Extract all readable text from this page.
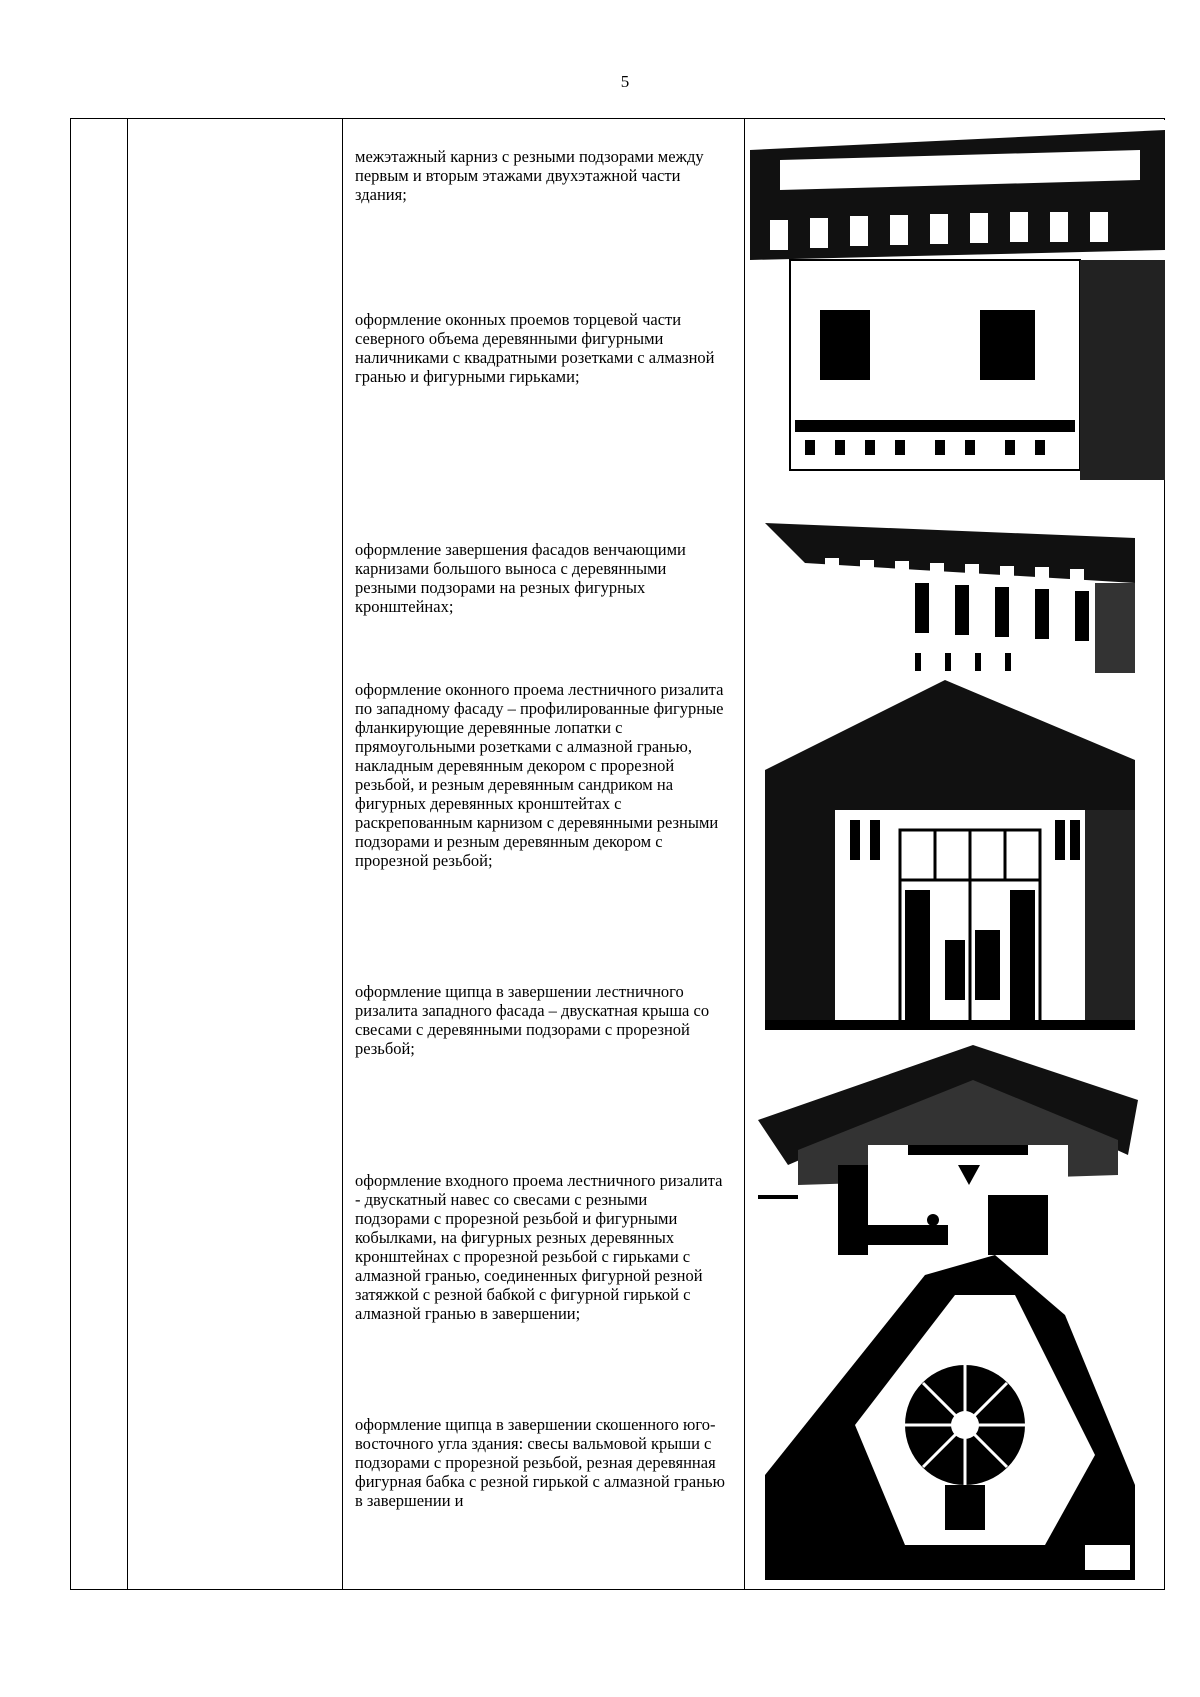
5

межэтажный карниз с резными подзорами между первым и вторым этажами двухэтажной части здания;

оформление оконных проемов торцевой части северного объема деревянными фигурными наличниками с квадратными розетками с алмазной гранью и фигурными гирьками;

оформление завершения фасадов венчающими карнизами большого выноса с деревянными резными подзорами на резных фигурных кронштейнах;

оформление оконного проема лестничного ризалита по западному фасаду – профилированные фигурные фланкирующие деревянные лопатки с прямоугольными розетками с алмазной гранью, накладным деревянным декором с прорезной резьбой, и резным деревянным сандриком на фигурных деревянных кронштейтах с раскрепованным карнизом с деревянными резными подзорами и резным деревянным декором с прорезной резьбой;

оформление щипца в завершении лестничного ризалита западного фасада – двускатная крыша со свесами с деревянными подзорами с прорезной резьбой;

оформление входного проема лестничного ризалита - двускатный навес со свесами с резными подзорами с прорезной резьбой и фигурными кобылками, на фигурных резных деревянных кронштейнах с прорезной резьбой с гирьками с алмазной гранью, соединенных фигурной резной затяжкой с резной бабкой с фигурной гирькой с алмазной гранью в завершении;

оформление щипца в завершении скошенного юго-восточного угла здания: свесы вальмовой крыши с подзорами с прорезной резьбой, резная деревянная фигурная бабка с резной гирькой с алмазной гранью в завершении и
